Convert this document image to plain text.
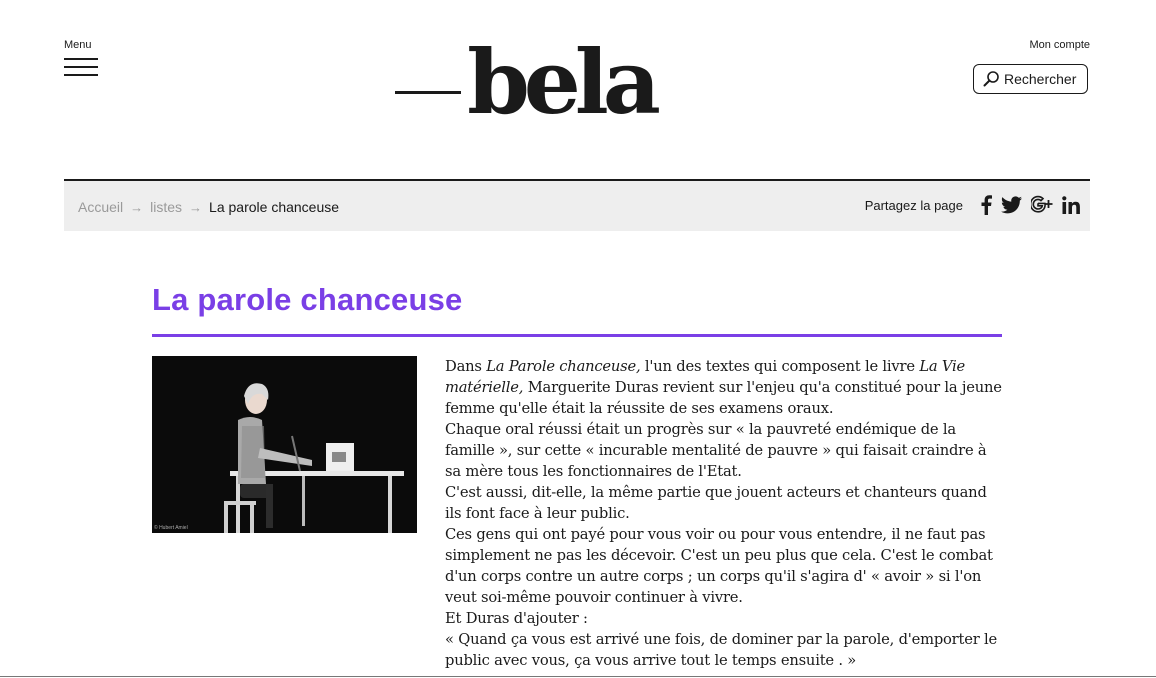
Menu	bela	Mon compte
Rechercher
Accueil → listes → La parole chanceuse	Partagez la page
La parole chanceuse
© Hubert Amiel

Dans La Parole chanceuse, l'un des textes qui composent le livre La Vie matérielle, Marguerite Duras revient sur l'enjeu qu'a constitué pour la jeune femme qu'elle était la réussite de ses examens oraux.

Chaque oral réussi était un progrès sur « la pauvreté endémique de la famille », sur cette « incurable mentalité de pauvre » qui faisait craindre à sa mère tous les fonctionnaires de l'Etat.

C'est aussi, dit-elle, la même partie que jouent acteurs et chanteurs quand ils font face à leur public.

Ces gens qui ont payé pour vous voir ou pour vous entendre, il ne faut pas simplement ne pas les décevoir. C'est un peu plus que cela. C'est le combat d'un corps contre un autre corps ; un corps qu'il s'agira d' « avoir » si l'on veut soi-même pouvoir continuer à vivre.

Et Duras d'ajouter :

« Quand ça vous est arrivé une fois, de dominer par la parole, d'emporter le public avec vous, ça vous arrive tout le temps ensuite . »
